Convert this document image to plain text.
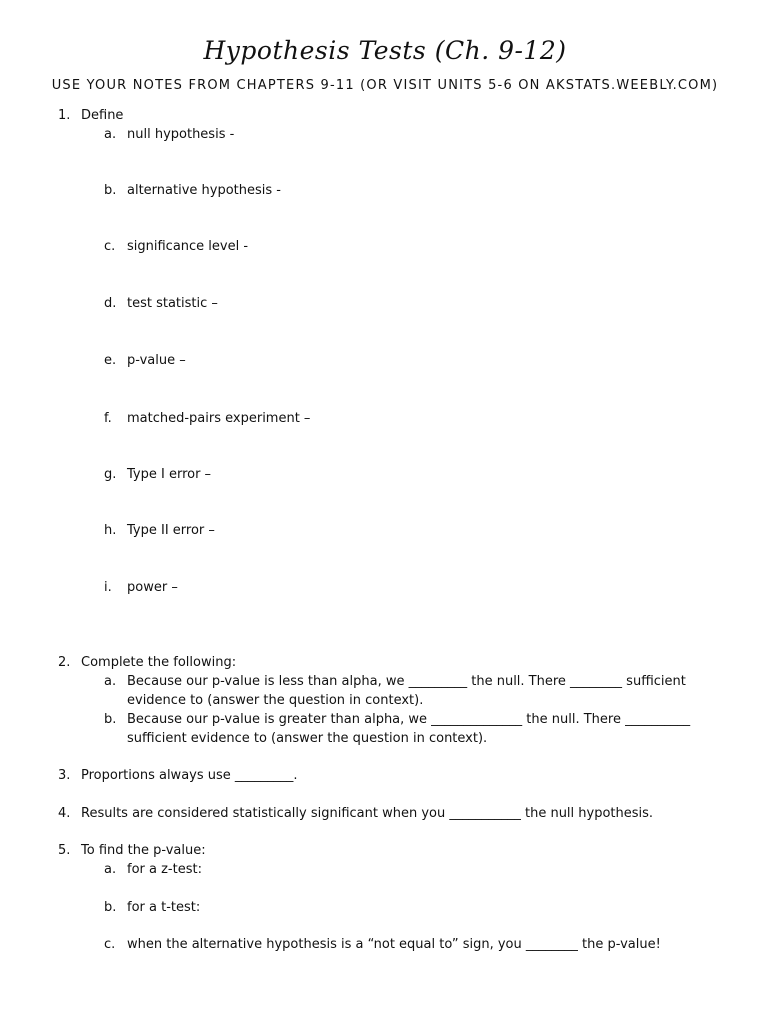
Hypothesis Tests (Ch. 9-12)
USE YOUR NOTES FROM CHAPTERS 9-11 (OR VISIT UNITS 5-6 ON AKSTATS.WEEBLY.COM)
1. Define
a. null hypothesis -
b. alternative hypothesis -
c. significance level -
d. test statistic –
e. p-value –
f. matched-pairs experiment –
g. Type I error –
h. Type II error –
i. power –
2. Complete the following:
a. Because our p-value is less than alpha, we _________ the null. There ________ sufficient
evidence to (answer the question in context).
b. Because our p-value is greater than alpha, we ______________ the null. There __________
sufficient evidence to (answer the question in context).
3. Proportions always use _________.
4. Results are considered statistically significant when you ___________ the null hypothesis.
5. To find the p-value:
a. for a z-test:
b. for a t-test:
c. when the alternative hypothesis is a “not equal to” sign, you ________ the p-value!
